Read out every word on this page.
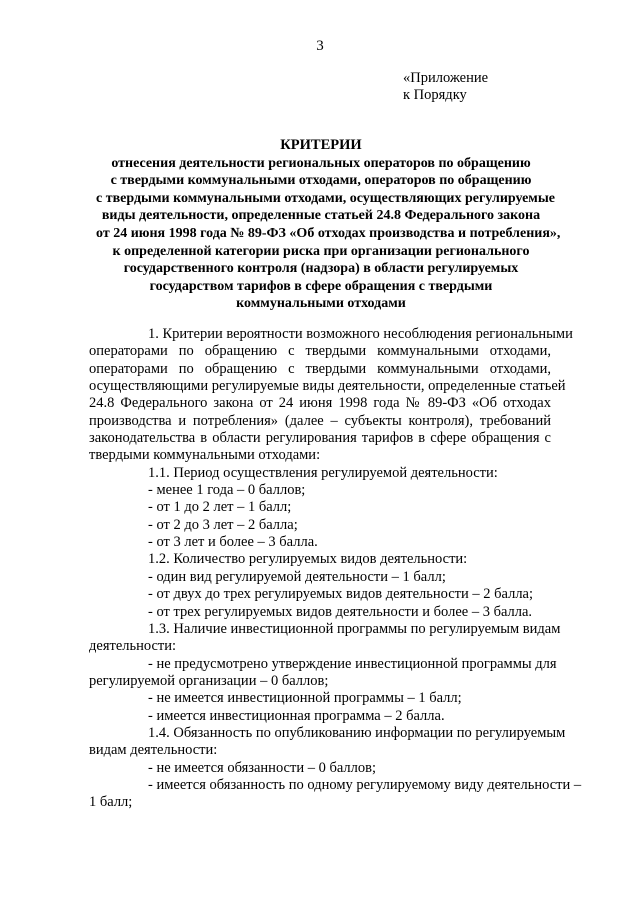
3
«Приложение
к Порядку
КРИТЕРИИ
отнесения деятельности региональных операторов по обращению
с твердыми коммунальными отходами, операторов по обращению
с твердыми коммунальными отходами, осуществляющих регулируемые
виды деятельности, определенные статьей 24.8 Федерального закона
от 24 июня 1998 года № 89-ФЗ «Об отходах производства и потребления»,
к определенной категории риска при организации регионального
государственного контроля (надзора) в области регулируемых
государством тарифов в сфере обращения с твердыми
коммунальными отходами
1. Критерии вероятности возможного несоблюдения региональными
операторами по обращению с твердыми коммунальными отходами,
операторами по обращению с твердыми коммунальными отходами,
осуществляющими регулируемые виды деятельности, определенные статьей
24.8 Федерального закона от 24 июня 1998 года № 89-ФЗ «Об отходах
производства и потребления» (далее – субъекты контроля), требований
законодательства в области регулирования тарифов в сфере обращения с
твердыми коммунальными отходами:

1.1. Период осуществления регулируемой деятельности:

- менее 1 года – 0 баллов;

- от 1 до 2 лет – 1 балл;

- от 2 до 3 лет – 2 балла;

- от 3 лет и более – 3 балла.

1.2. Количество регулируемых видов деятельности:

- один вид регулируемой деятельности – 1 балл;

- от двух до трех регулируемых видов деятельности – 2 балла;

- от трех регулируемых видов деятельности и более – 3 балла.

1.3. Наличие инвестиционной программы по регулируемым видам
деятельности:
- не предусмотрено утверждение инвестиционной программы для
регулируемой организации – 0 баллов;

- не имеется инвестиционной программы – 1 балл;

- имеется инвестиционная программа – 2 балла.

1.4. Обязанность по опубликованию информации по регулируемым
видам деятельности:

- не имеется обязанности – 0 баллов;

- имеется обязанность по одному регулируемому виду деятельности –
1 балл;
